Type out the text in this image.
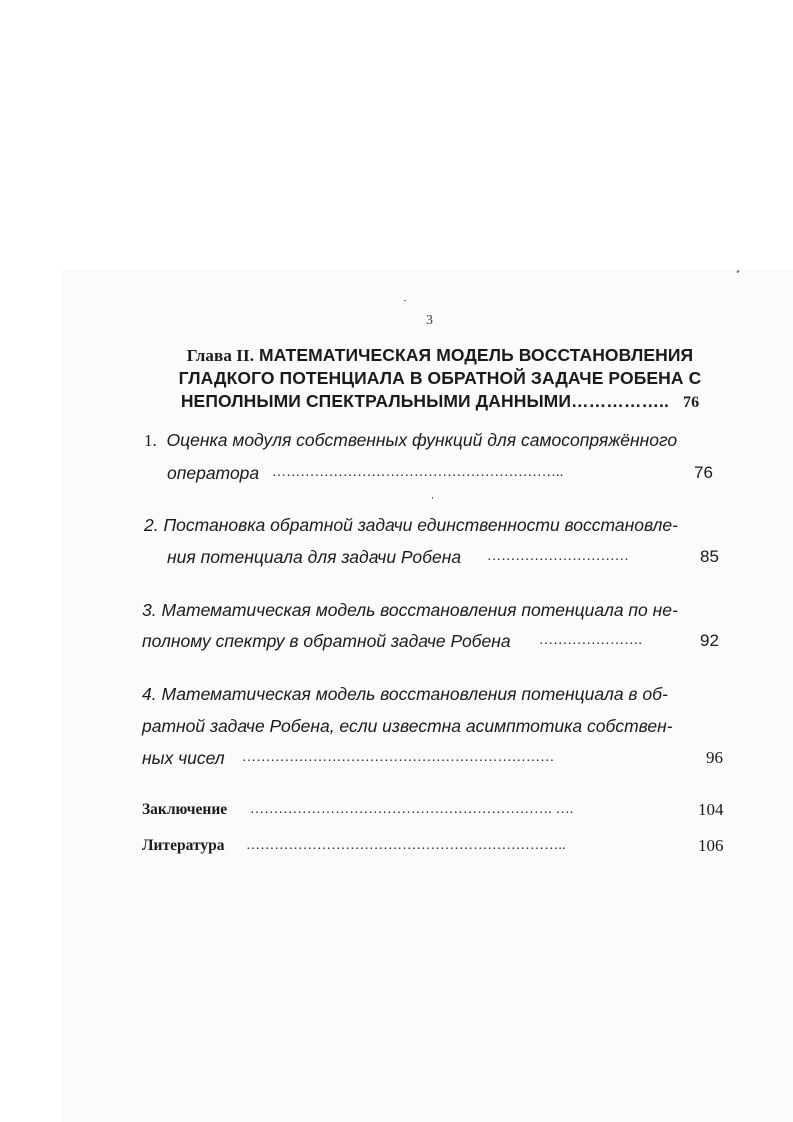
3
Глава II. МАТЕМАТИЧЕСКАЯ МОДЕЛЬ ВОССТАНОВЛЕНИЯ
ГЛАДКОГО ПОТЕНЦИАЛА В ОБРАТНОЙ ЗАДАЧЕ РОБЕНА С
НЕПОЛНЫМИ СПЕКТРАЛЬНЫМИ ДАННЫМИ…………….. 76
1. Оценка модуля собственных функций для самосопряжённого
оператора ……………………………………………………..	76
2. Постановка обратной задачи единственности восстановле-
ния потенциала для задачи Робена …………………………	85
3. Математическая модель восстановления потенциала по не-
полному спектру в обратной задаче Робена ………………….	92
4. Математическая модель восстановления потенциала в об-
ратной задаче Робена, если известна асимптотика собствен-
ных чисел …………………………………………………………	96
Заключение ………………………………………………………. ….	104
Литература …………………………………………………………..	106
